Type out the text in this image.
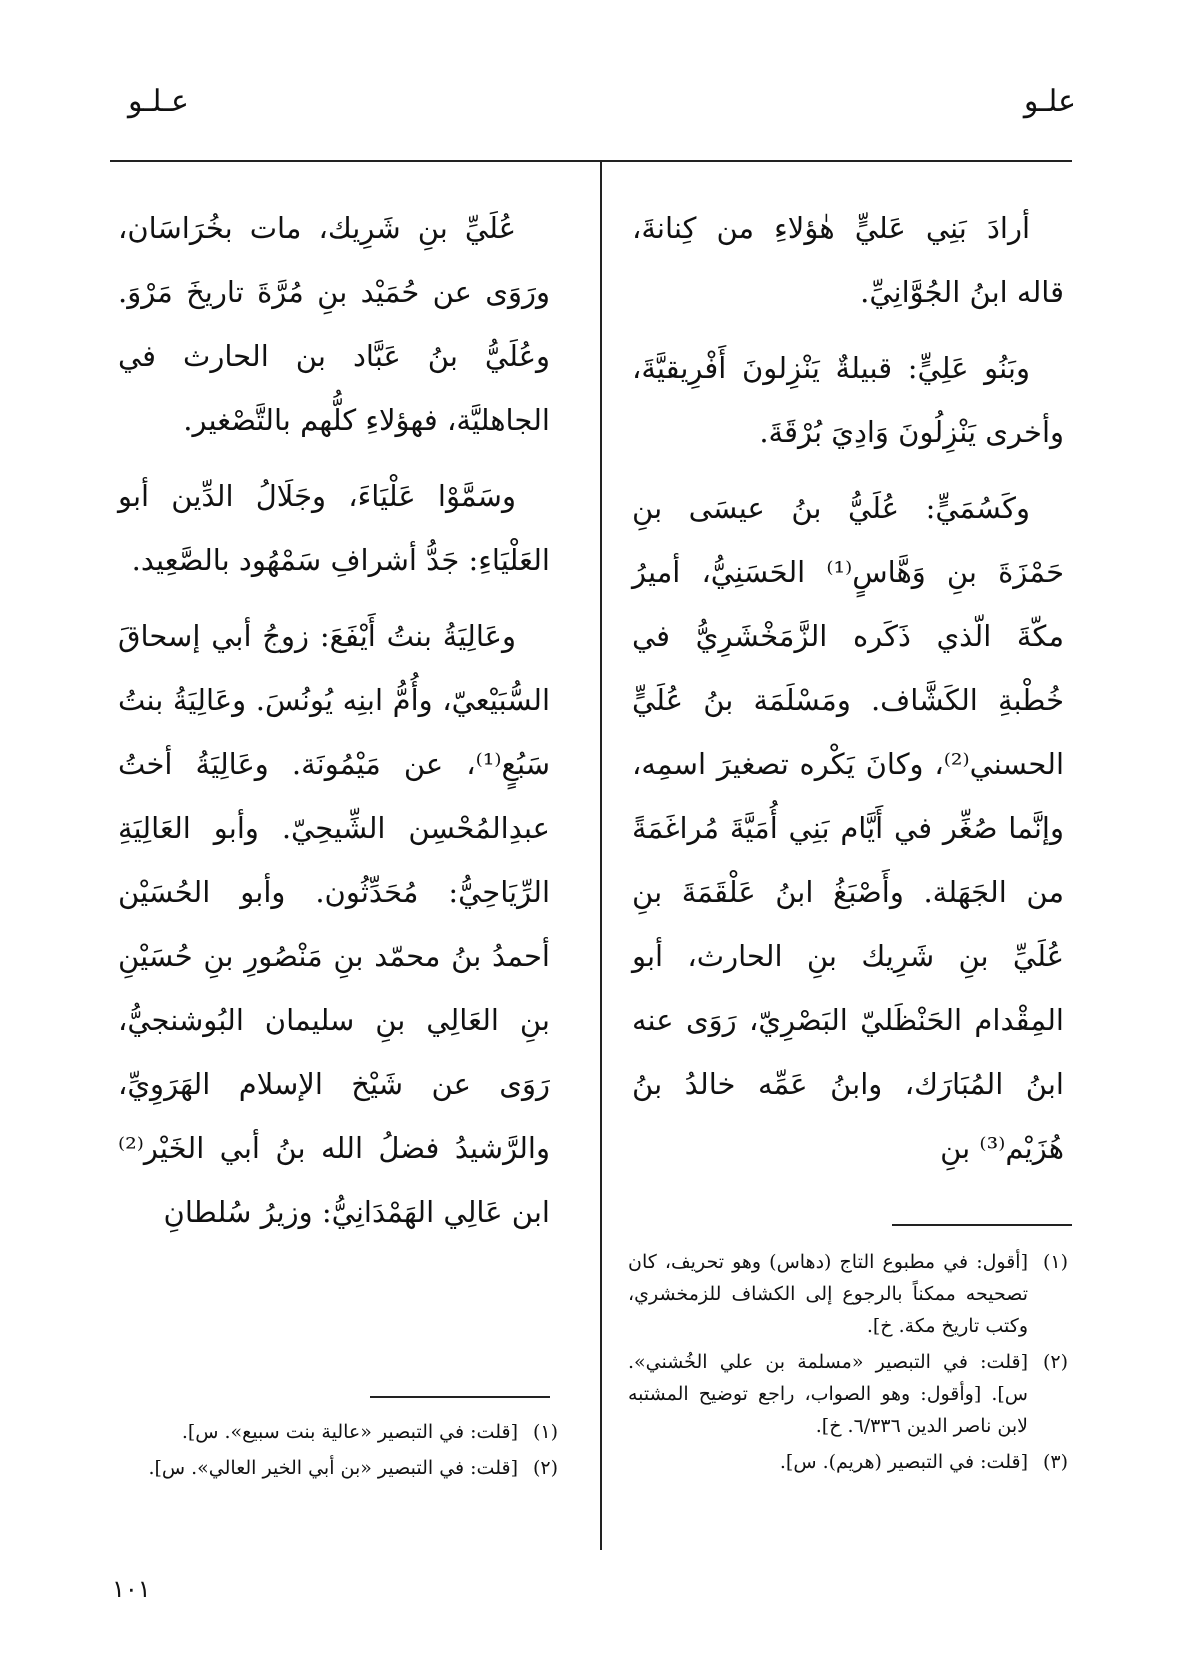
علـو
عـلـو

أرادَ بَنِي عَليٍّ هٰؤلاءِ من كِنانةَ، قاله ابنُ الجُوَّانِيِّ.

وبَنُو عَلِيٍّ: قبيلةٌ يَنْزِلونَ أَفْرِيقيَّةَ، وأخرى يَنْزِلُونَ وَادِيَ بُرْقَةَ.

وكَسُمَيٍّ: عُلَيُّ بنُ عيسَى بنِ حَمْزَةَ بنِ وَهَّاسٍ⁽¹⁾ الحَسَنِيُّ، أميرُ مكّةَ الّذي ذَكَره الزَّمَخْشَرِيُّ في خُطْبةِ الكَشَّاف. ومَسْلَمَة بنُ عُلَيٍّ الحسني⁽²⁾، وكانَ يَكْره تصغيرَ اسمِه، وإنَّما صُغِّر في أَيَّام بَنِي أُمَيَّةَ مُراغَمَةً من الجَهَلة. وأَصْبَغُ ابنُ عَلْقَمَةَ بنِ عُلَيِّ بنِ شَرِيك بنِ الحارث، أبو المِقْدام الحَنْظَليّ البَصْرِيّ، رَوَى عنه ابنُ المُبَارَك، وابنُ عَمِّه خالدُ بنُ هُزَيْم⁽³⁾ بنِ

عُلَيِّ بنِ شَرِيك، مات بخُرَاسَان، ورَوَى عن حُمَيْد بنِ مُرَّةَ تاريخَ مَرْوَ. وعُلَيُّ بنُ عَبَّاد بن الحارث في الجاهليَّة، فهؤلاءِ كلُّهم بالتَّصْغير.

وسَمَّوْا عَلْيَاءَ، وجَلَالُ الدِّين أبو العَلْيَاءِ: جَدُّ أشرافِ سَمْهُود بالصَّعِيد.

وعَالِيَةُ بنتُ أَيْفَعَ: زوجُ أبي إسحاقَ السُّبَيْعيّ، وأُمُّ ابنِه يُونُسَ. وعَالِيَةُ بنتُ سَبُعٍ⁽¹⁾، عن مَيْمُونَة. وعَالِيَةُ أختُ عبدِالمُحْسِن الشِّيحِيّ. وأبو العَالِيَةِ الرِّيَاحِيُّ: مُحَدِّثُون. وأبو الحُسَيْن أحمدُ بنُ محمّد بنِ مَنْصُورِ بنِ حُسَيْنِ بنِ العَالِي بنِ سليمان البُوشنجيُّ، رَوَى عن شَيْخ الإسلام الهَرَوِيِّ، والرَّشيدُ فضلُ الله بنُ أبي الخَيْر⁽²⁾ ابن عَالِي الهَمْدَانِيُّ: وزيرُ سُلطانِ

(١)[أقول: في مطبوع التاج (دهاس) وهو تحريف، كان تصحيحه ممكناً بالرجوع إلى الكشاف للزمخشري، وكتب تاريخ مكة. خ].

(٢)[قلت: في التبصير «مسلمة بن علي الخُشني». س]. [وأقول: وهو الصواب، راجع توضيح المشتبه لابن ناصر الدين ٦/٣٣٦. خ].

(٣)[قلت: في التبصير (هريم). س].

(١)[قلت: في التبصير «عالية بنت سبيع». س].

(٢)[قلت: في التبصير «بن أبي الخير العالي». س].

١٠١
